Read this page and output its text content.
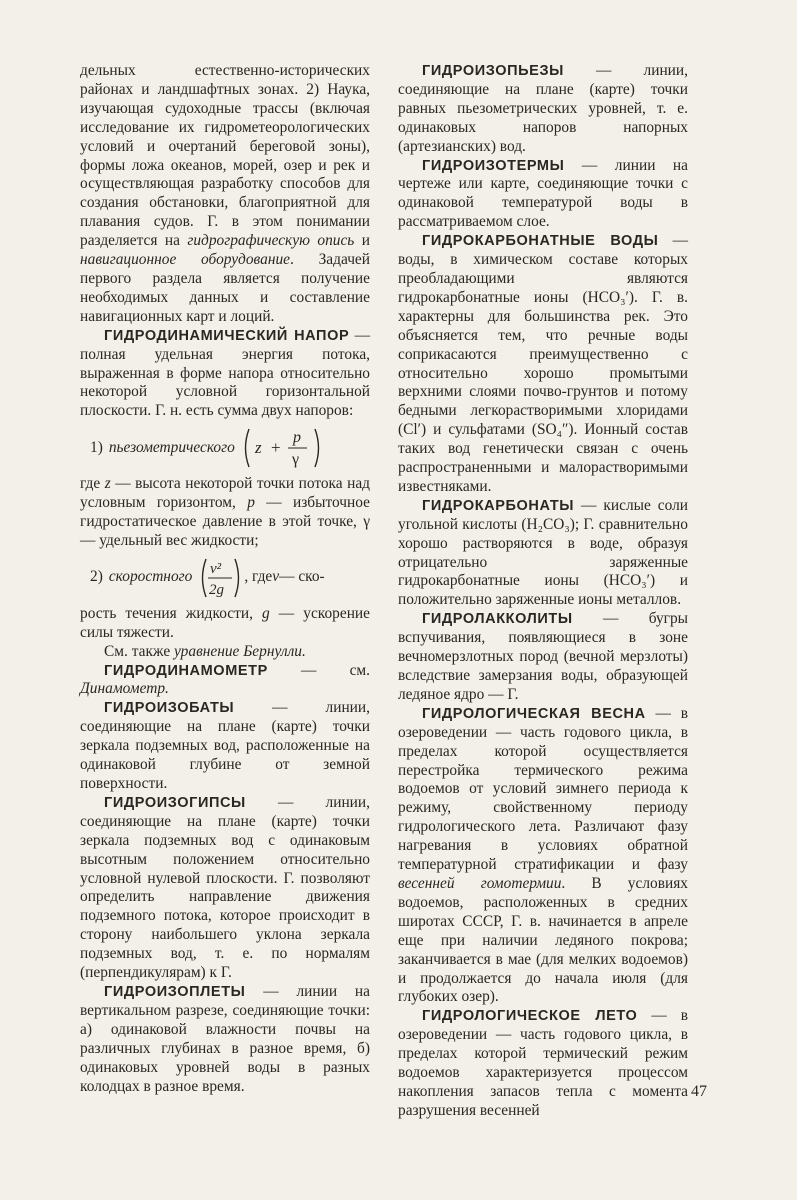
дельных естественно-исторических районах и ландшафтных зонах. 2) Наука, изучающая судоходные трассы (включая исследование их гидрометеорологических условий и очертаний береговой зоны), формы ложа океанов, морей, озер и рек и осуществляющая разработку способов для создания обстановки, благоприятной для плавания судов. Г. в этом понимании разделяется на гидрографическую опись и навигационное оборудование. Задачей первого раздела является получение необходимых данных и составление навигационных карт и лоций.

ГИДРОДИНАМИЧЕСКИЙ НАПОР — полная удельная энергия потока, выраженная в форме напора относительно некоторой условной горизонтальной плоскости. Г. н. есть сумма двух напоров:

1) пьезометрического z +
p
γ

где z — высота некоторой точки потока над условным горизонтом, p — избыточное гидростатическое давление в этой точке, γ — удельный вес жидкости;

2) скоростного v²
2g
, где v — ско-

рость течения жидкости, g — ускорение силы тяжести.

См. также уравнение Бернулли.

ГИДРОДИНАМОМЕТР — см. Динамометр.

ГИДРОИЗОБАТЫ — линии, соединяющие на плане (карте) точки зеркала подземных вод, расположенные на одинаковой глубине от земной поверхности.

ГИДРОИЗОГИПСЫ — линии, соединяющие на плане (карте) точки зеркала подземных вод с одинаковым высотным положением относительно условной нулевой плоскости. Г. позволяют определить направление движения подземного потока, которое происходит в сторону наибольшего уклона зеркала подземных вод, т. е. по нормалям (перпендикулярам) к Г.

ГИДРОИЗОПЛЕТЫ — линии на вертикальном разрезе, соединяющие точки: а) одинаковой влажности почвы на различных глубинах в разное время, б) одинаковых уровней воды в разных колодцах в разное время.

ГИДРОИЗОПЬЕЗЫ — линии, соединяющие на плане (карте) точки равных пьезометрических уровней, т. е. одинаковых напоров напорных (артезианских) вод.

ГИДРОИЗОТЕРМЫ — линии на чертеже или карте, соединяющие точки с одинаковой температурой воды в рассматриваемом слое.

ГИДРОКАРБОНАТНЫЕ ВОДЫ — воды, в химическом составе которых преобладающими являются гидрокарбонатные ионы (HCO₃′). Г. в. характерны для большинства рек. Это объясняется тем, что речные воды соприкасаются преимущественно с относительно хорошо промытыми верхними слоями почво-грунтов и потому бедными легкорастворимыми хлоридами (Cl′) и сульфатами (SO₄″). Ионный состав таких вод генетически связан с очень распространенными и малорастворимыми известняками.

ГИДРОКАРБОНАТЫ — кислые соли угольной кислоты (H₂CO₃); Г. сравнительно хорошо растворяются в воде, образуя отрицательно заряженные гидрокарбонатные ионы (HCO₃′) и положительно заряженные ионы металлов.

ГИДРОЛАККОЛИТЫ — бугры вспучивания, появляющиеся в зоне вечномерзлотных пород (вечной мерзлоты) вследствие замерзания воды, образующей ледяное ядро — Г.

ГИДРОЛОГИЧЕСКАЯ ВЕСНА — в озероведении — часть годового цикла, в пределах которой осуществляется перестройка термического режима водоемов от условий зимнего периода к режиму, свойственному периоду гидрологического лета. Различают фазу нагревания в условиях обратной температурной стратификации и фазу весенней гомотермии. В условиях водоемов, расположенных в средних широтах СССР, Г. в. начинается в апреле еще при наличии ледяного покрова; заканчивается в мае (для мелких водоемов) и продолжается до начала июля (для глубоких озер).

ГИДРОЛОГИЧЕСКОЕ ЛЕТО — в озероведении — часть годового цикла, в пределах которой термический режим водоемов характеризуется процессом накопления запасов тепла с момента разрушения весенней

47
